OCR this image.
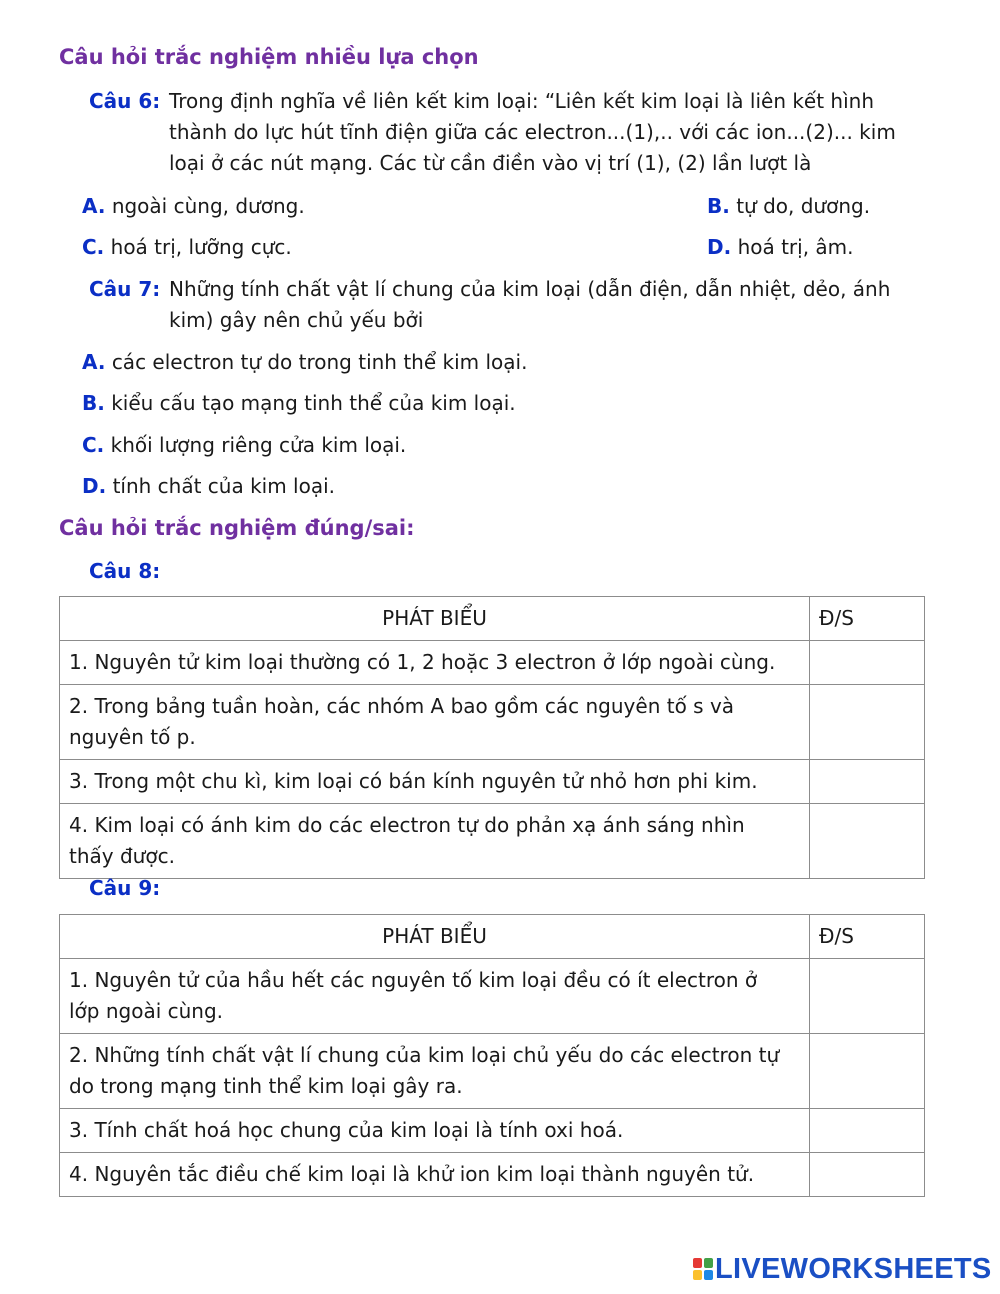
Câu hỏi trắc nghiệm nhiều lựa chọn
Câu 6: Trong định nghĩa về liên kết kim loại: “Liên kết kim loại là liên kết hình
thành do lực hút tĩnh điện giữa các electron...(1),.. với các ion...(2)... kim
loại ở các nút mạng. Các từ cần điền vào vị trí (1), (2) lần lượt là
A. ngoài cùng, dương.	B. tự do, dương.
C. hoá trị, lưỡng cực.	D. hoá trị, âm.
Câu 7: Những tính chất vật lí chung của kim loại (dẫn điện, dẫn nhiệt, dẻo, ánh
kim) gây nên chủ yếu bởi
A. các electron tự do trong tinh thể kim loại.
B. kiểu cấu tạo mạng tinh thể của kim loại.
C. khối lượng riêng cửa kim loại.
D. tính chất của kim loại.
Câu hỏi trắc nghiệm đúng/sai:
Câu 8:
PHÁT BIỂU	Đ/S

1. Nguyên tử kim loại thường có 1, 2 hoặc 3 electron ở lớp ngoài cùng.	

2. Trong bảng tuần hoàn, các nhóm A bao gồm các nguyên tố s và
nguyên tố p.	

3. Trong một chu kì, kim loại có bán kính nguyên tử nhỏ hơn phi kim.	

4. Kim loại có ánh kim do các electron tự do phản xạ ánh sáng nhìn
thấy được.	

Câu 9:
PHÁT BIỂU	Đ/S

1. Nguyên tử của hầu hết các nguyên tố kim loại đều có ít electron ở
lớp ngoài cùng.	

2. Những tính chất vật lí chung của kim loại chủ yếu do các electron tự
do trong mạng tinh thể kim loại gây ra.	

3. Tính chất hoá học chung của kim loại là tính oxi hoá.	

4. Nguyên tắc điều chế kim loại là khử ion kim loại thành nguyên tử.	

LIVEWORKSHEETS
